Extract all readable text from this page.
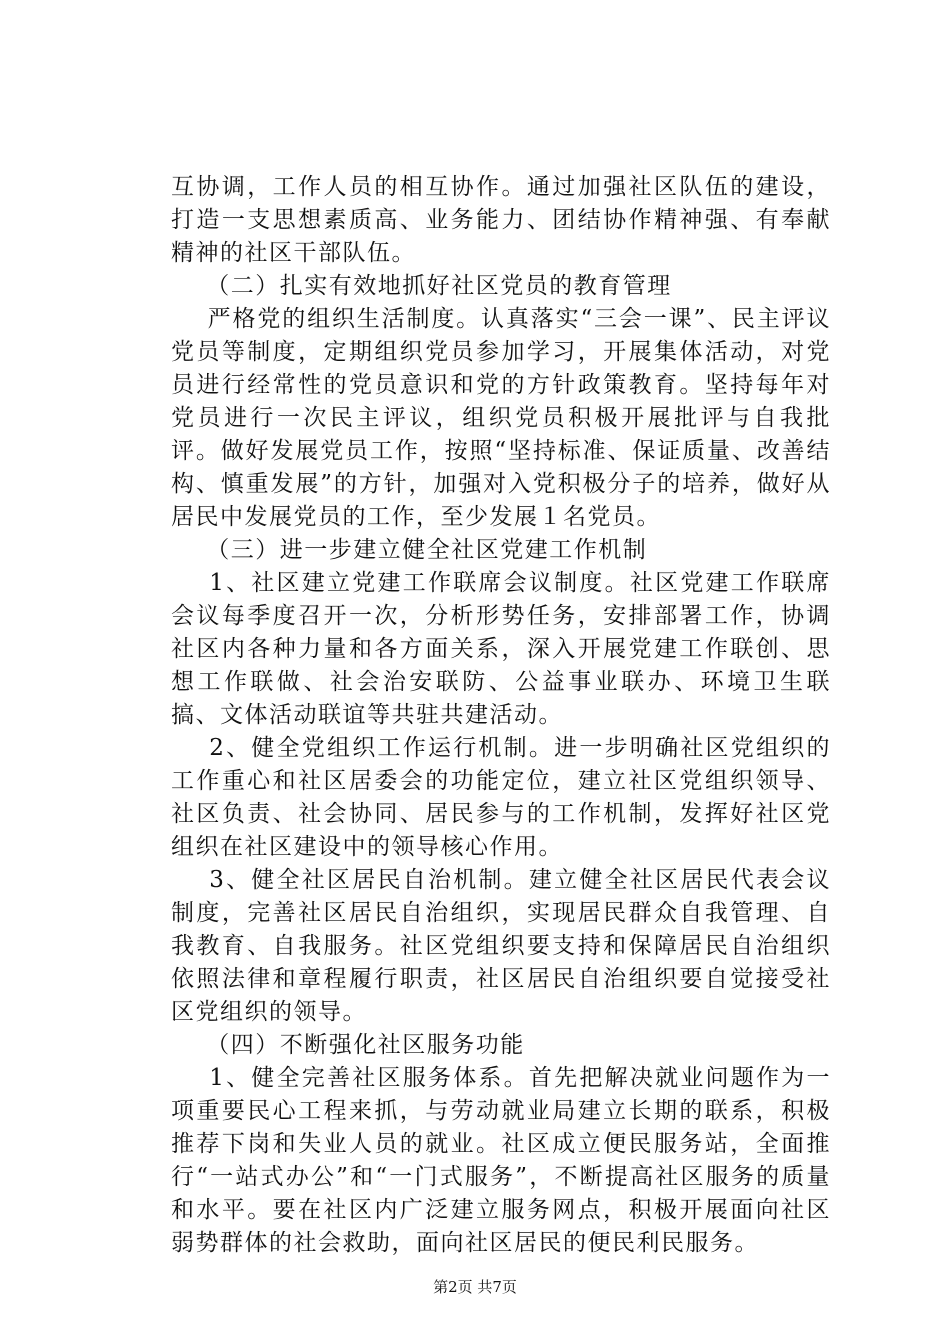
互协调，工作人员的相互协作。通过加强社区队伍的建设，打造一支思想素质高、业务能力、团结协作精神强、有奉献精神的社区干部队伍。

（二）扎实有效地抓好社区党员的教育管理

严格党的组织生活制度。认真落实“三会一课”、民主评议党员等制度，定期组织党员参加学习，开展集体活动，对党员进行经常性的党员意识和党的方针政策教育。坚持每年对党员进行一次民主评议，组织党员积极开展批评与自我批评。做好发展党员工作，按照“坚持标准、保证质量、改善结构、慎重发展”的方针，加强对入党积极分子的培养，做好从居民中发展党员的工作，至少发展１名党员。

（三）进一步建立健全社区党建工作机制

1、社区建立党建工作联席会议制度。社区党建工作联席会议每季度召开一次，分析形势任务，安排部署工作，协调社区内各种力量和各方面关系，深入开展党建工作联创、思想工作联做、社会治安联防、公益事业联办、环境卫生联搞、文体活动联谊等共驻共建活动。

2、健全党组织工作运行机制。进一步明确社区党组织的工作重心和社区居委会的功能定位，建立社区党组织领导、社区负责、社会协同、居民参与的工作机制，发挥好社区党组织在社区建设中的领导核心作用。

3、健全社区居民自治机制。建立健全社区居民代表会议制度，完善社区居民自治组织，实现居民群众自我管理、自我教育、自我服务。社区党组织要支持和保障居民自治组织依照法律和章程履行职责，社区居民自治组织要自觉接受社区党组织的领导。

（四）不断强化社区服务功能

1、健全完善社区服务体系。首先把解决就业问题作为一项重要民心工程来抓，与劳动就业局建立长期的联系，积极推荐下岗和失业人员的就业。社区成立便民服务站，全面推行“一站式办公”和“一门式服务”，不断提高社区服务的质量和水平。要在社区内广泛建立服务网点，积极开展面向社区弱势群体的社会救助，面向社区居民的便民利民服务。

第2页 共7页
